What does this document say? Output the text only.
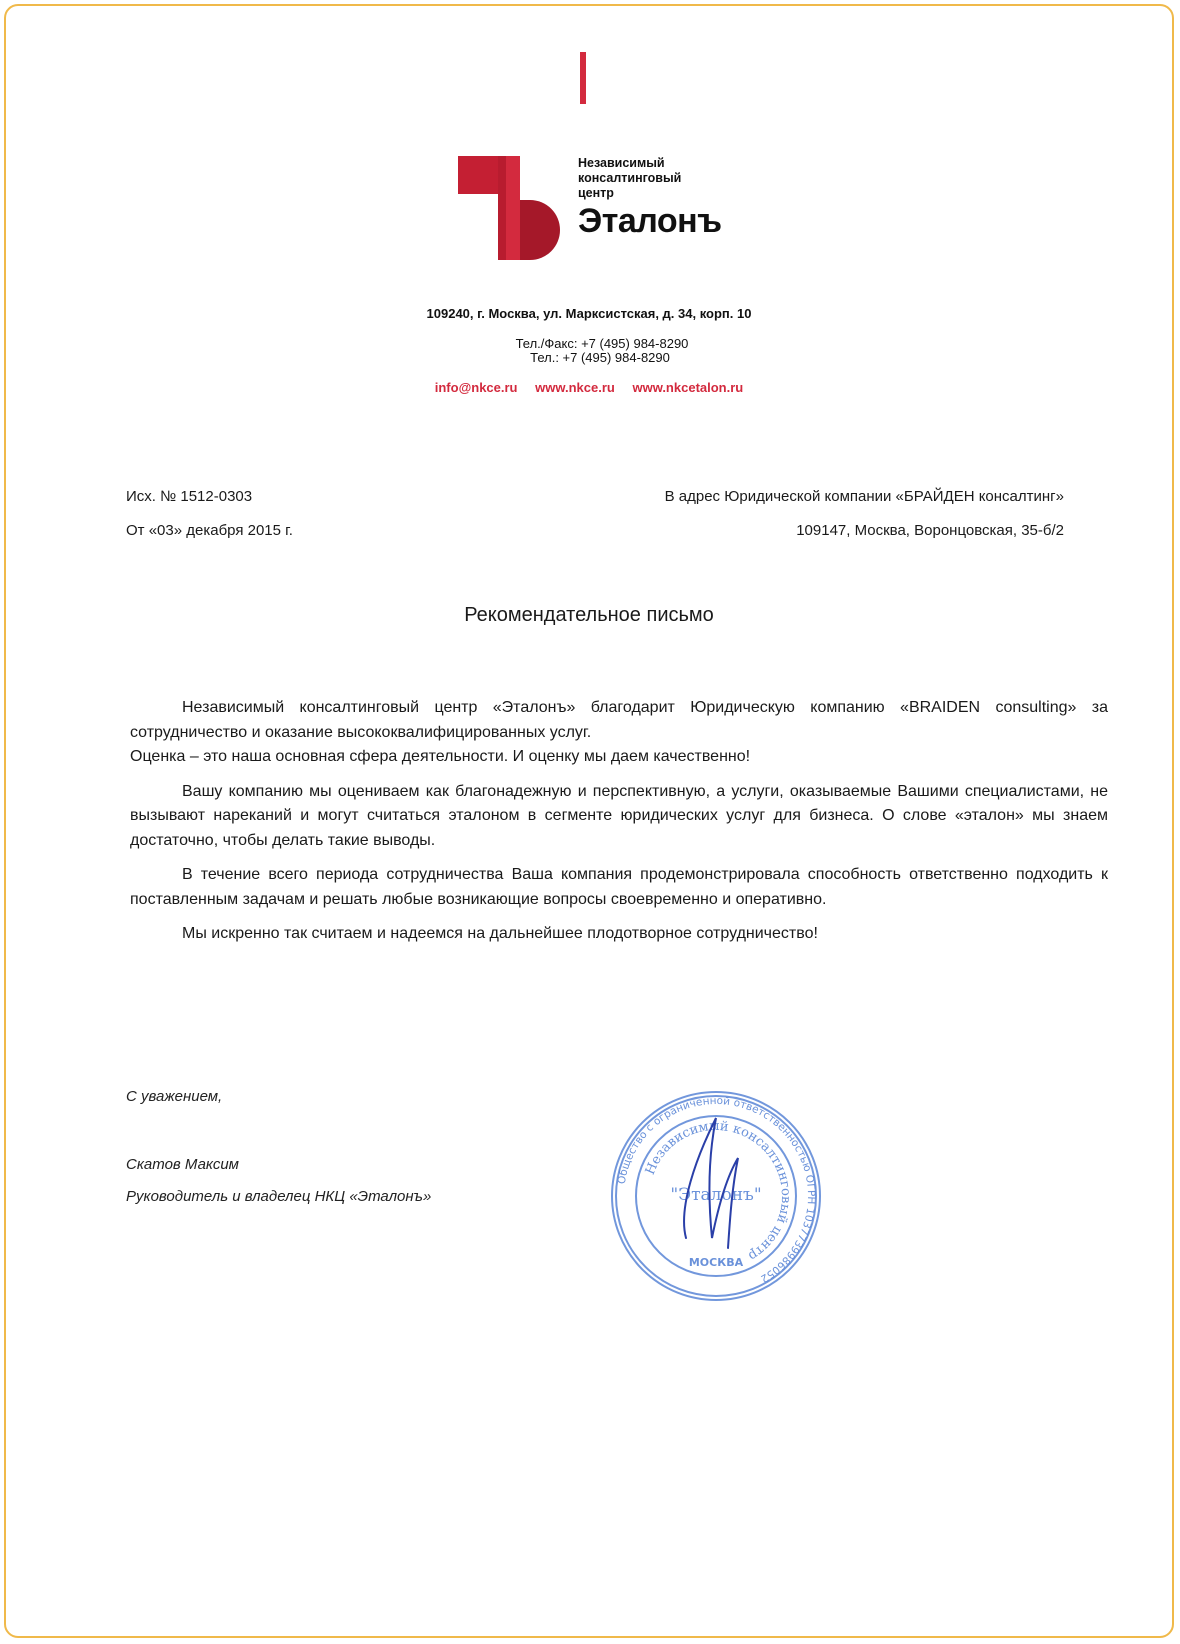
Независимый
консалтинговый
центр
Эталонъ
109240, г. Москва, ул. Марксистская, д. 34, корп. 10
Тел./Факс: +7 (495) 984-8290
Тел.: +7 (495) 984-8290
info@nkce.ru www.nkce.ru www.nkcetalon.ru
Исх. № 1512-0303
От «03» декабря 2015 г.
В адрес Юридической компании «БРАЙДЕН консалтинг»
109147, Москва, Воронцовская, 35-б/2
Рекомендательное письмо

Независимый консалтинговый центр «Эталонъ» благодарит Юридическую компанию «BRAIDEN consulting» за сотрудничество и оказание высококвалифицированных услуг.

Оценка – это наша основная сфера деятельности. И оценку мы даем качественно!

Вашу компанию мы оцениваем как благонадежную и перспективную, а услуги, оказываемые Вашими специалистами, не вызывают нареканий и могут считаться эталоном в сегменте юридических услуг для бизнеса. О слове «эталон» мы знаем достаточно, чтобы делать такие выводы.

В течение всего периода сотрудничества Ваша компания продемонстрировала способность ответственно подходить к поставленным задачам и решать любые возникающие вопросы своевременно и оперативно.

Мы искренно так считаем и надеемся на дальнейшее плодотворное сотрудничество!

С уважением,
Скатов Максим
Руководитель и владелец НКЦ «Эталонъ»
Общество с ограниченной ответственностью ОГРН 1037739986052
Независимый консалтинговый центр
"Эталонъ"
МОСКВА
